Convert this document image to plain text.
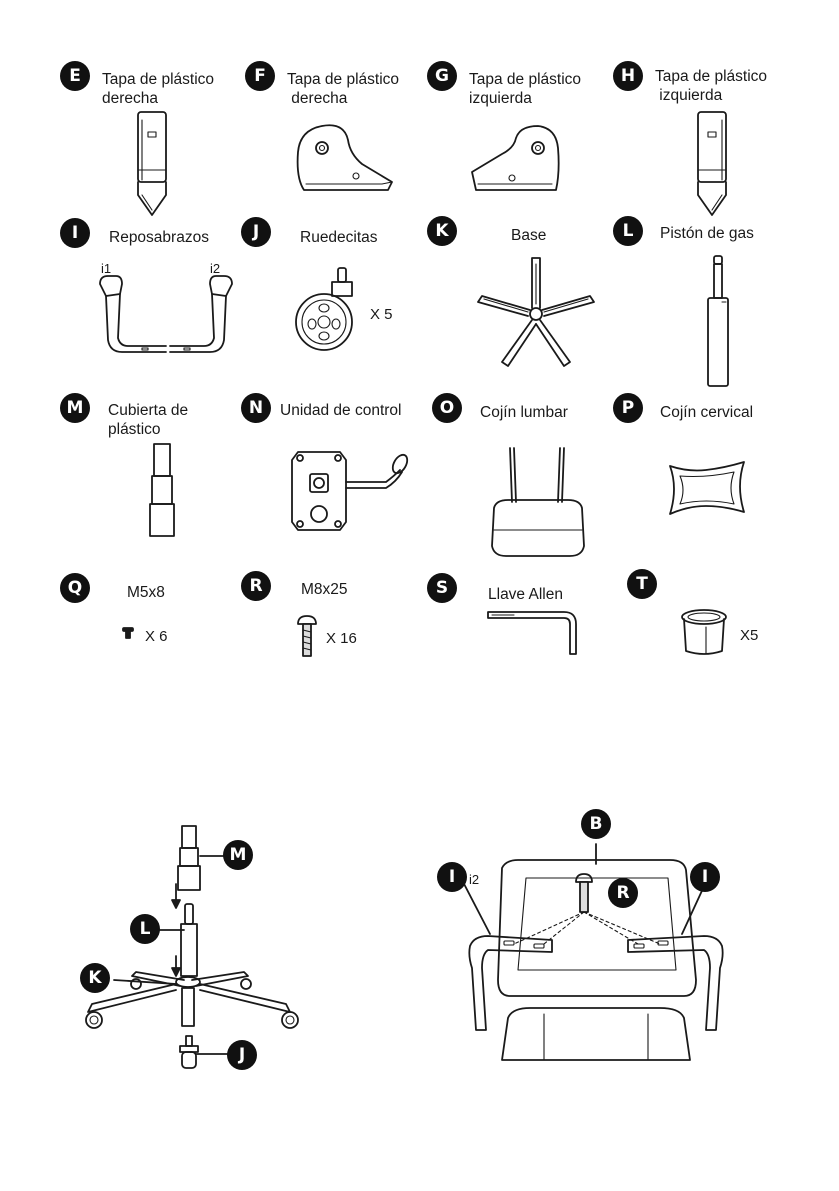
E	Tapa de plástico
derecha
F	Tapa de plástico
derecha
G	Tapa de plástico
izquierda
H	Tapa de plástico
izquierda
I	Reposabrazos
i1	i2
J	Ruedecitas
X 5
K	Base	L	Pistón de gas
M	Cubierta de
plástico
N	Unidad de control	O	Cojín lumbar	P	Cojín cervical
Q	M5x8
X 6
R	M8x25
X 16
S	Llave Allen
T
X5
M
L
K
J
B
I	i2
R
I
